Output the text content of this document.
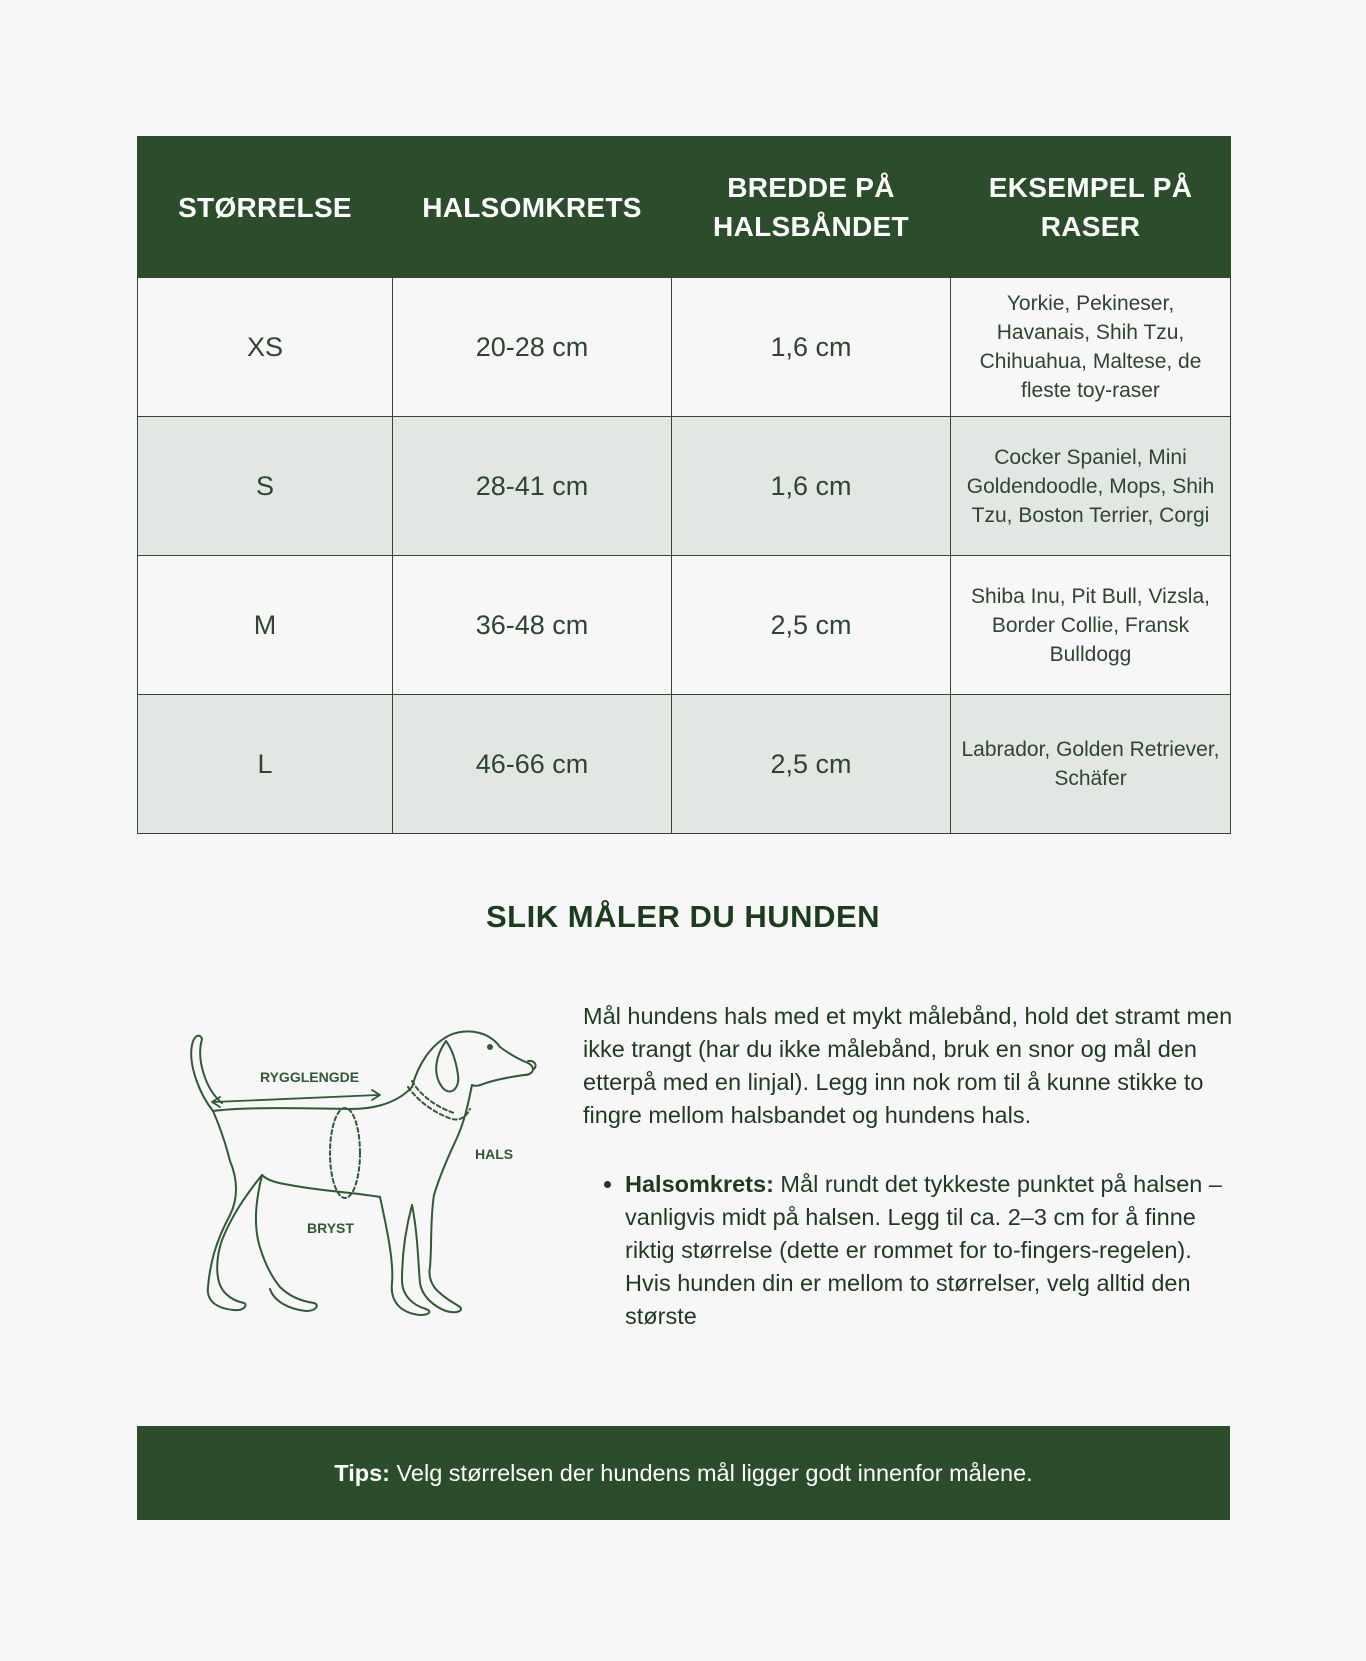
STØRRELSE	HALSOMKRETS	BREDDE PÅ HALSBÅNDET	EKSEMPEL PÅ RASER
XS	20-28 cm	1,6 cm	Yorkie, Pekineser, Havanais, Shih Tzu, Chihuahua, Maltese, de fleste toy-raser
S	28-41 cm	1,6 cm	Cocker Spaniel, Mini Goldendoodle, Mops, Shih Tzu, Boston Terrier, Corgi
M	36-48 cm	2,5 cm	Shiba Inu, Pit Bull, Vizsla, Border Collie, Fransk Bulldogg
L	46-66 cm	2,5 cm	Labrador, Golden Retriever, Schäfer
SLIK MÅLER DU HUNDEN
RYGGLENGDE
HALS
BRYST

Mål hundens hals med et mykt målebånd, hold det stramt men ikke trangt (har du ikke målebånd, bruk en snor og mål den etterpå med en linjal). Legg inn nok rom til å kunne stikke to fingre mellom halsbandet og hundens hals.

• Halsomkrets: Mål rundt det tykkeste punktet på halsen – vanligvis midt på halsen. Legg til ca. 2–3 cm for å finne riktig størrelse (dette er rommet for to-fingers-regelen). Hvis hunden din er mellom to størrelser, velg alltid den største
Tips: Velg størrelsen der hundens mål ligger godt innenfor målene.
